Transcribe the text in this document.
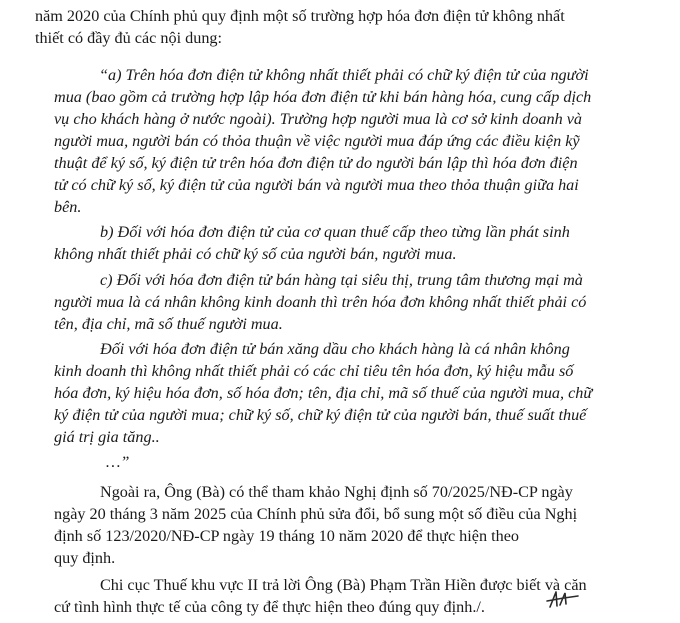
năm 2020 của Chính phủ quy định một số trường hợp hóa đơn điện tử không nhất
thiết có đầy đủ các nội dung:
“a) Trên hóa đơn điện tử không nhất thiết phải có chữ ký điện tử của người
mua (bao gồm cả trường hợp lập hóa đơn điện tử khi bán hàng hóa, cung cấp dịch
vụ cho khách hàng ở nước ngoài). Trường hợp người mua là cơ sở kinh doanh và
người mua, người bán có thỏa thuận về việc người mua đáp ứng các điều kiện kỹ
thuật để ký số, ký điện tử trên hóa đơn điện tử do người bán lập thì hóa đơn điện
tử có chữ ký số, ký điện tử của người bán và người mua theo thỏa thuận giữa hai
bên.
b) Đối với hóa đơn điện tử của cơ quan thuế cấp theo từng lần phát sinh
không nhất thiết phải có chữ ký số của người bán, người mua.
c) Đối với hóa đơn điện tử bán hàng tại siêu thị, trung tâm thương mại mà
người mua là cá nhân không kinh doanh thì trên hóa đơn không nhất thiết phải có
tên, địa chỉ, mã số thuế người mua.
Đối với hóa đơn điện tử bán xăng dầu cho khách hàng là cá nhân không
kinh doanh thì không nhất thiết phải có các chỉ tiêu tên hóa đơn, ký hiệu mẫu số
hóa đơn, ký hiệu hóa đơn, số hóa đơn; tên, địa chỉ, mã số thuế của người mua, chữ
ký điện tử của người mua; chữ ký số, chữ ký điện tử của người bán, thuế suất thuế
giá trị gia tăng..
…”
Ngoài ra, Ông (Bà) có thể tham khảo Nghị định số 70/2025/NĐ-CP ngày
ngày 20 tháng 3 năm 2025 của Chính phủ sửa đổi, bổ sung một số điều của Nghị
định số 123/2020/NĐ-CP ngày 19 tháng 10 năm 2020 để thực hiện theo
quy định.
Chi cục Thuế khu vực II trả lời Ông (Bà) Phạm Trần Hiền được biết và căn
cứ tình hình thực tế của công ty để thực hiện theo đúng quy định./.
